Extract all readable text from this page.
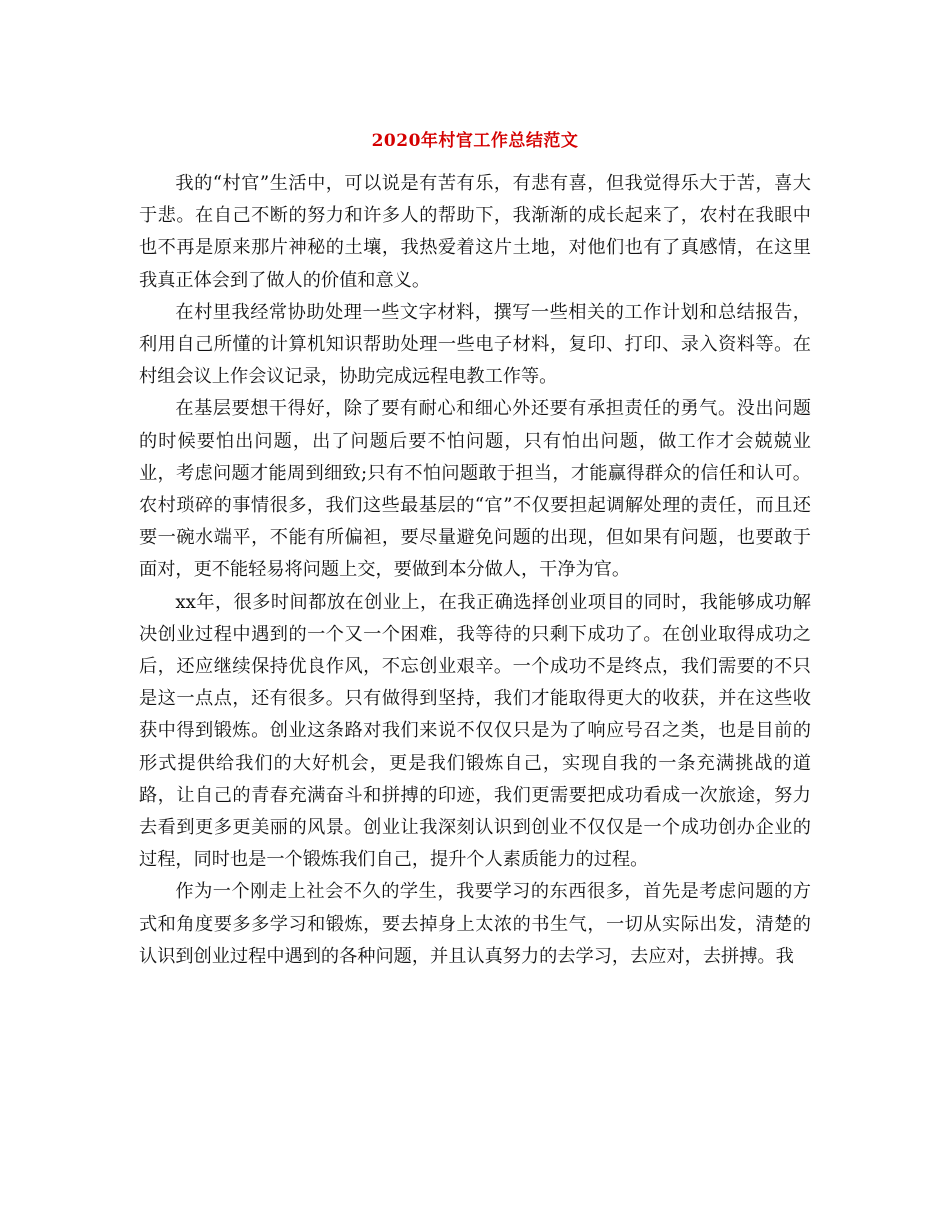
2020年村官工作总结范文

我的“村官”生活中，可以说是有苦有乐，有悲有喜，但我觉得乐大于苦，喜大于悲。在自己不断的努力和许多人的帮助下，我渐渐的成长起来了，农村在我眼中也不再是原来那片神秘的土壤，我热爱着这片土地，对他们也有了真感情，在这里我真正体会到了做人的价值和意义。

在村里我经常协助处理一些文字材料，撰写一些相关的工作计划和总结报告，利用自己所懂的计算机知识帮助处理一些电子材料，复印、打印、录入资料等。在村组会议上作会议记录，协助完成远程电教工作等。

在基层要想干得好，除了要有耐心和细心外还要有承担责任的勇气。没出问题的时候要怕出问题，出了问题后要不怕问题，只有怕出问题，做工作才会兢兢业业，考虑问题才能周到细致;只有不怕问题敢于担当，才能赢得群众的信任和认可。农村琐碎的事情很多，我们这些最基层的“官”不仅要担起调解处理的责任，而且还要一碗水端平，不能有所偏袒，要尽量避免问题的出现，但如果有问题，也要敢于面对，更不能轻易将问题上交，要做到本分做人，干净为官。

xx年，很多时间都放在创业上，在我正确选择创业项目的同时，我能够成功解决创业过程中遇到的一个又一个困难，我等待的只剩下成功了。在创业取得成功之后，还应继续保持优良作风，不忘创业艰辛。一个成功不是终点，我们需要的不只是这一点点，还有很多。只有做得到坚持，我们才能取得更大的收获，并在这些收获中得到锻炼。创业这条路对我们来说不仅仅只是为了响应号召之类，也是目前的形式提供给我们的大好机会，更是我们锻炼自己，实现自我的一条充满挑战的道路，让自己的青春充满奋斗和拼搏的印迹，我们更需要把成功看成一次旅途，努力去看到更多更美丽的风景。创业让我深刻认识到创业不仅仅是一个成功创办企业的过程，同时也是一个锻炼我们自己，提升个人素质能力的过程。

作为一个刚走上社会不久的学生，我要学习的东西很多，首先是考虑问题的方式和角度要多多学习和锻炼，要去掉身上太浓的书生气，一切从实际出发，清楚的认识到创业过程中遇到的各种问题，并且认真努力的去学习，去应对，去拼搏。我
